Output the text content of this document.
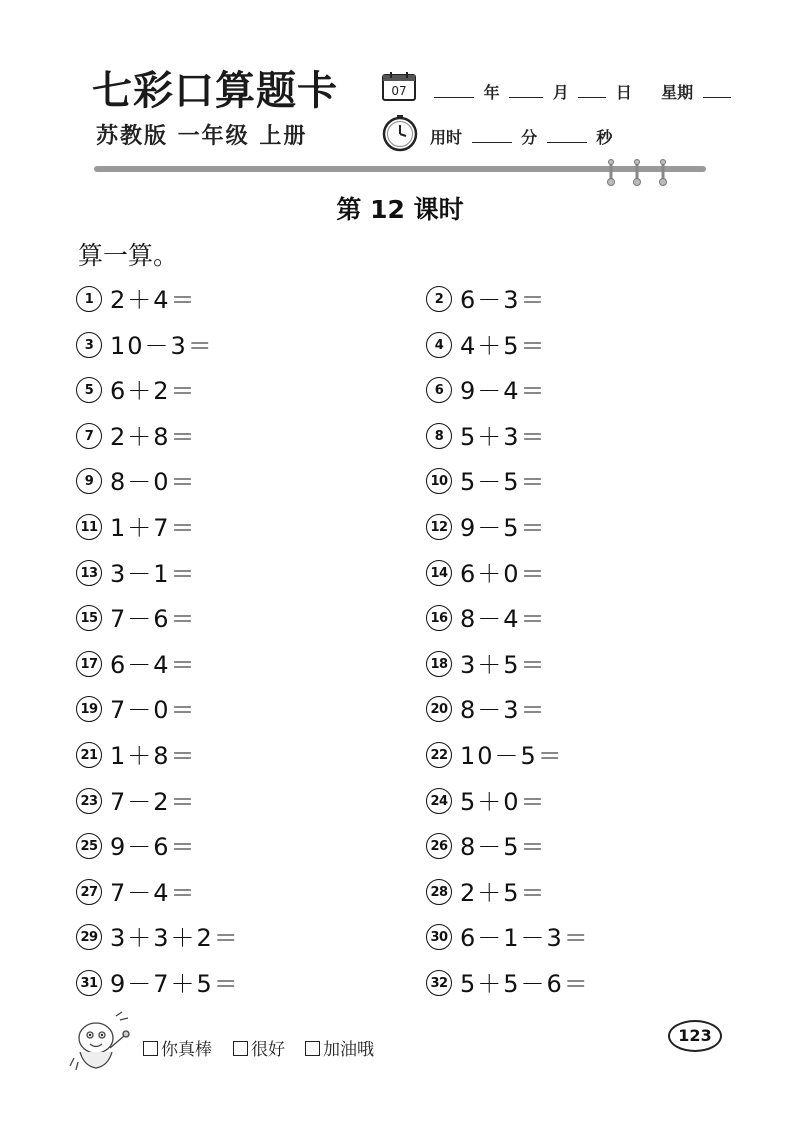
七彩口算题卡
苏教版 一年级 上册
07	年	月	日 星期
用时	分	秒
第 12 课时
算一算。
1 2＋4＝	2 6－3＝
3 10－3＝	4 4＋5＝
5 6＋2＝	6 9－4＝
7 2＋8＝	8 5＋3＝
9 8－0＝	10 5－5＝
11 1＋7＝	12 9－5＝
13 3－1＝	14 6＋0＝
15 7－6＝	16 8－4＝
17 6－4＝	18 3＋5＝
19 7－0＝	20 8－3＝
21 1＋8＝	22 10－5＝
23 7－2＝	24 5＋0＝
25 9－6＝	26 8－5＝
27 7－4＝	28 2＋5＝
29 3＋3＋2＝	30 6－1－3＝
31 9－7＋5＝	32 5＋5－6＝
你真棒	很好	加油哦
123
